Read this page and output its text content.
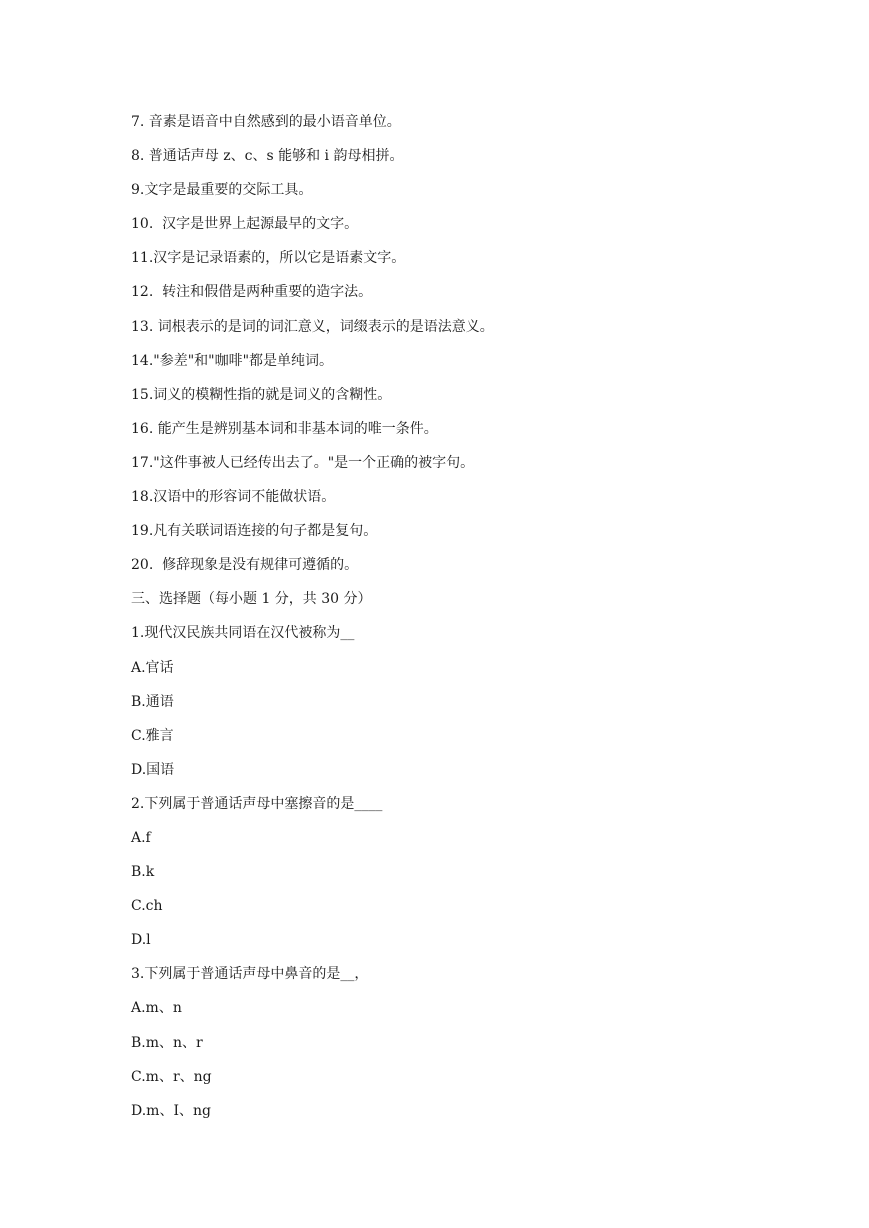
7. 音素是语音中自然感到的最小语音单位。
8. 普通话声母 z、c、s 能够和 i 韵母相拼。
9.文字是最重要的交际工具。
10.  汉字是世界上起源最早的文字。
11.汉字是记录语素的，所以它是语素文字。
12.  转注和假借是两种重要的造字法。
13. 词根表示的是词的词汇意义，词缀表示的是语法意义。
14."参差"和"咖啡"都是单纯词。
15.词义的模糊性指的就是词义的含糊性。
16. 能产生是辨别基本词和非基本词的唯一条件。
17."这件事被人已经传出去了。"是一个正确的被字句。
18.汉语中的形容词不能做状语。
19.凡有关联词语连接的句子都是复句。
20.  修辞现象是没有规律可遵循的。
三、选择题（每小题 1 分，共 30 分）
1.现代汉民族共同语在汉代被称为__
A.官话
B.通语
C.雅言
D.国语
2.下列属于普通话声母中塞擦音的是____
A.f
B.k
C.ch
D.l
3.下列属于普通话声母中鼻音的是__，
A.m、n
B.m、n、r
C.m、r、ng
D.m、I、ng
